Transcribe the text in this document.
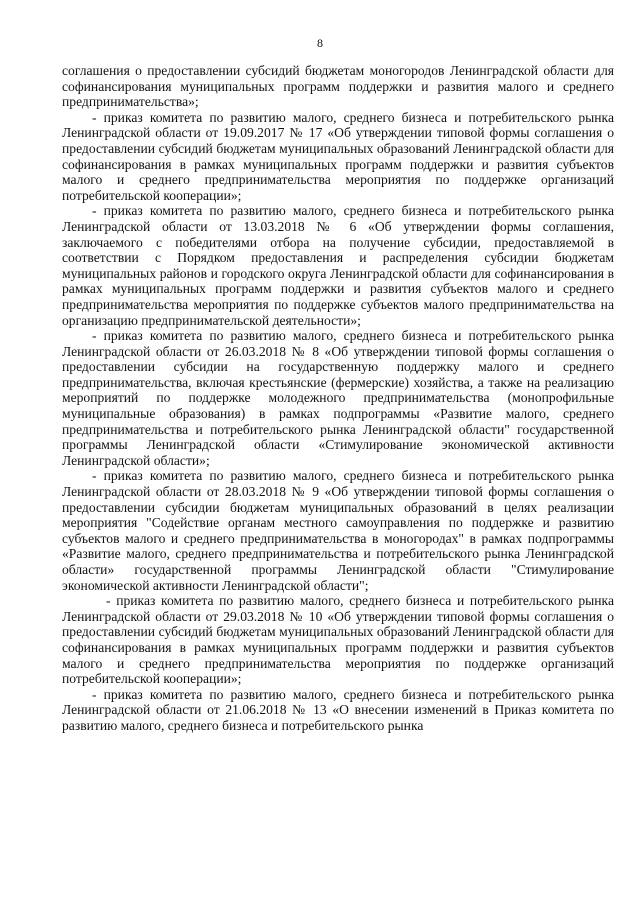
8

соглашения о предоставлении субсидий бюджетам моногородов Ленинградской области для софинансирования муниципальных программ поддержки и развития малого и среднего предпринимательства»;

- приказ комитета по развитию малого, среднего бизнеса и потребительского рынка Ленинградской области от 19.09.2017 № 17 «Об утверждении типовой формы соглашения о предоставлении субсидий бюджетам муниципальных образований Ленинградской области для софинансирования в рамках муниципальных программ поддержки и развития субъектов малого и среднего предпринимательства мероприятия по поддержке организаций потребительской кооперации»;

- приказ комитета по развитию малого, среднего бизнеса и потребительского рынка Ленинградской области от 13.03.2018 № 6 «Об утверждении формы соглашения, заключаемого с победителями отбора на получение субсидии, предоставляемой в соответствии с Порядком предоставления и распределения субсидии бюджетам муниципальных районов и городского округа Ленинградской области для софинансирования в рамках муниципальных программ поддержки и развития субъектов малого и среднего предпринимательства мероприятия по поддержке субъектов малого предпринимательства на организацию предпринимательской деятельности»;

- приказ комитета по развитию малого, среднего бизнеса и потребительского рынка Ленинградской области от 26.03.2018 № 8 «Об утверждении типовой формы соглашения о предоставлении субсидии на государственную поддержку малого и среднего предпринимательства, включая крестьянские (фермерские) хозяйства, а также на реализацию мероприятий по поддержке молодежного предпринимательства (монопрофильные муниципальные образования) в рамках подпрограммы «Развитие малого, среднего предпринимательства и потребительского рынка Ленинградской области" государственной программы Ленинградской области «Стимулирование экономической активности Ленинградской области»;

- приказ комитета по развитию малого, среднего бизнеса и потребительского рынка Ленинградской области от 28.03.2018 № 9 «Об утверждении типовой формы соглашения о предоставлении субсидии бюджетам муниципальных образований в целях реализации мероприятия "Содействие органам местного самоуправления по поддержке и развитию субъектов малого и среднего предпринимательства в моногородах" в рамках подпрограммы «Развитие малого, среднего предпринимательства и потребительского рынка Ленинградской области» государственной программы Ленинградской области "Стимулирование экономической активности Ленинградской области";

- приказ комитета по развитию малого, среднего бизнеса и потребительского рынка Ленинградской области от 29.03.2018 № 10 «Об утверждении типовой формы соглашения о предоставлении субсидий бюджетам муниципальных образований Ленинградской области для софинансирования в рамках муниципальных программ поддержки и развития субъектов малого и среднего предпринимательства мероприятия по поддержке организаций потребительской кооперации»;

- приказ комитета по развитию малого, среднего бизнеса и потребительского рынка Ленинградской области от 21.06.2018 № 13 «О внесении изменений в Приказ комитета по развитию малого, среднего бизнеса и потребительского рынка
